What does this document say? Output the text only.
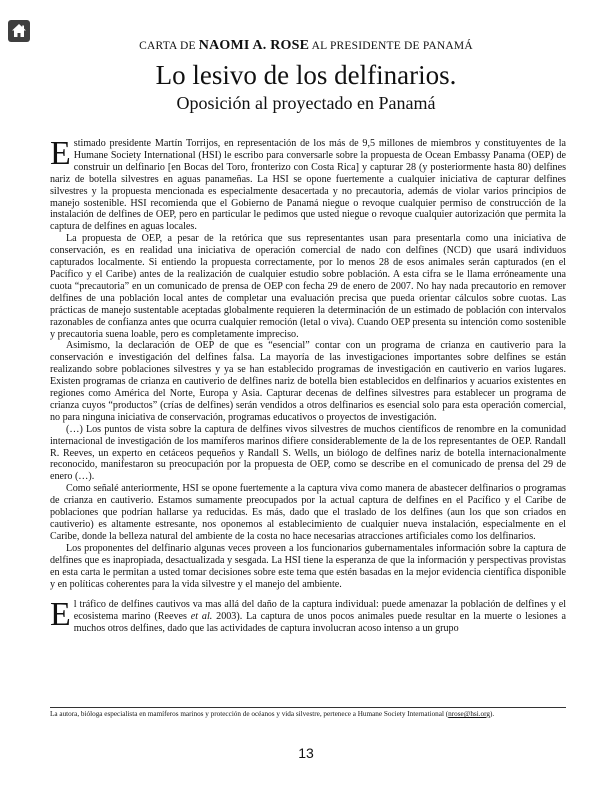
CARTA DE NAOMI A. ROSE AL PRESIDENTE DE PANAMÁ
Lo lesivo de los delfinarios.
Oposición al proyectado en Panamá

Estimado presidente Martín Torrijos, en representación de los más de 9,5 millones de miembros y constituyentes de la Humane Society International (HSI) le escribo para conversarle sobre la propuesta de Ocean Embassy Panama (OEP) de construir un delfinario [en Bocas del Toro, fronterizo con Costa Rica] y capturar 28 (y posteriormente hasta 80) delfines nariz de botella silvestres en aguas panameñas. La HSI se opone fuertemente a cualquier iniciativa de capturar delfines silvestres y la propuesta mencionada es especialmente desacertada y no precautoria, además de violar varios principios de manejo sostenible. HSI recomienda que el Gobierno de Panamá niegue o revoque cualquier permiso de construcción de la instalación de delfines de OEP, pero en particular le pedimos que usted niegue o revoque cualquier autorización que permita la captura de delfines en aguas locales.

La propuesta de OEP, a pesar de la retórica que sus representantes usan para presentarla como una iniciativa de conservación, es en realidad una iniciativa de operación comercial de nado con delfines (NCD) que usará individuos capturados localmente. Si entiendo la propuesta correctamente, por lo menos 28 de esos animales serán capturados (en el Pacífico y el Caribe) antes de la realización de cualquier estudio sobre población. A esta cifra se le llama erróneamente una cuota “precautoria” en un comunicado de prensa de OEP con fecha 29 de enero de 2007. No hay nada precautorio en remover delfines de una población local antes de completar una evaluación precisa que pueda orientar cálculos sobre cuotas. Las prácticas de manejo sustentable aceptadas globalmente requieren la determinación de un estimado de población con intervalos razonables de confianza antes que ocurra cualquier remoción (letal o viva). Cuando OEP presenta su intención como sostenible y precautoria suena loable, pero es completamente impreciso.

Asimismo, la declaración de OEP de que es “esencial” contar con un programa de crianza en cautiverio para la conservación e investigación del delfines falsa. La mayoría de las investigaciones importantes sobre delfines se están realizando sobre poblaciones silvestres y ya se han establecido programas de investigación en cautiverio en varios lugares. Existen programas de crianza en cautiverio de delfines nariz de botella bien establecidos en delfinarios y acuarios existentes en regiones como América del Norte, Europa y Asia. Capturar decenas de delfines silvestres para establecer un programa de crianza cuyos “productos” (crías de delfines) serán vendidos a otros delfinarios es esencial solo para esta operación comercial, no para ninguna iniciativa de conservación, programas educativos o proyectos de investigación.

(…) Los puntos de vista sobre la captura de delfines vivos silvestres de muchos científicos de renombre en la comunidad internacional de investigación de los mamíferos marinos difiere considerablemente de la de los representantes de OEP. Randall R. Reeves, un experto en cetáceos pequeños y Randall S. Wells, un biólogo de delfines nariz de botella internacionalmente reconocido, manifestaron su preocupación por la propuesta de OEP, como se describe en el comunicado de prensa del 29 de enero (…).

Como señalé anteriormente, HSI se opone fuertemente a la captura viva como manera de abastecer delfinarios o programas de crianza en cautiverio. Estamos sumamente preocupados por la actual captura de delfines en el Pacífico y el Caribe de poblaciones que podrían hallarse ya reducidas. Es más, dado que el traslado de los delfines (aun los que son criados en cautiverio) es altamente estresante, nos oponemos al establecimiento de cualquier nueva instalación, especialmente en el Caribe, donde la belleza natural del ambiente de la costa no hace necesarias atracciones artificiales como los delfinarios.

Los proponentes del delfinario algunas veces proveen a los funcionarios gubernamentales información sobre la captura de delfines que es inapropiada, desactualizada y sesgada. La HSI tiene la esperanza de que la información y perspectivas provistas en esta carta le permitan a usted tomar decisiones sobre este tema que estén basadas en la mejor evidencia científica disponible y en políticas coherentes para la vida silvestre y el manejo del ambiente.

El tráfico de delfines cautivos va mas allá del daño de la captura individual: puede amenazar la población de delfines y el ecosistema marino (Reeves et al. 2003). La captura de unos pocos animales puede resultar en la muerte o lesiones a muchos otros delfines, dado que las actividades de captura involucran acoso intenso a un grupo

La autora, bióloga especialista en mamíferos marinos y protección de océanos y vida silvestre, pertenece a Humane Society International (nrose@hsi.org).
13
